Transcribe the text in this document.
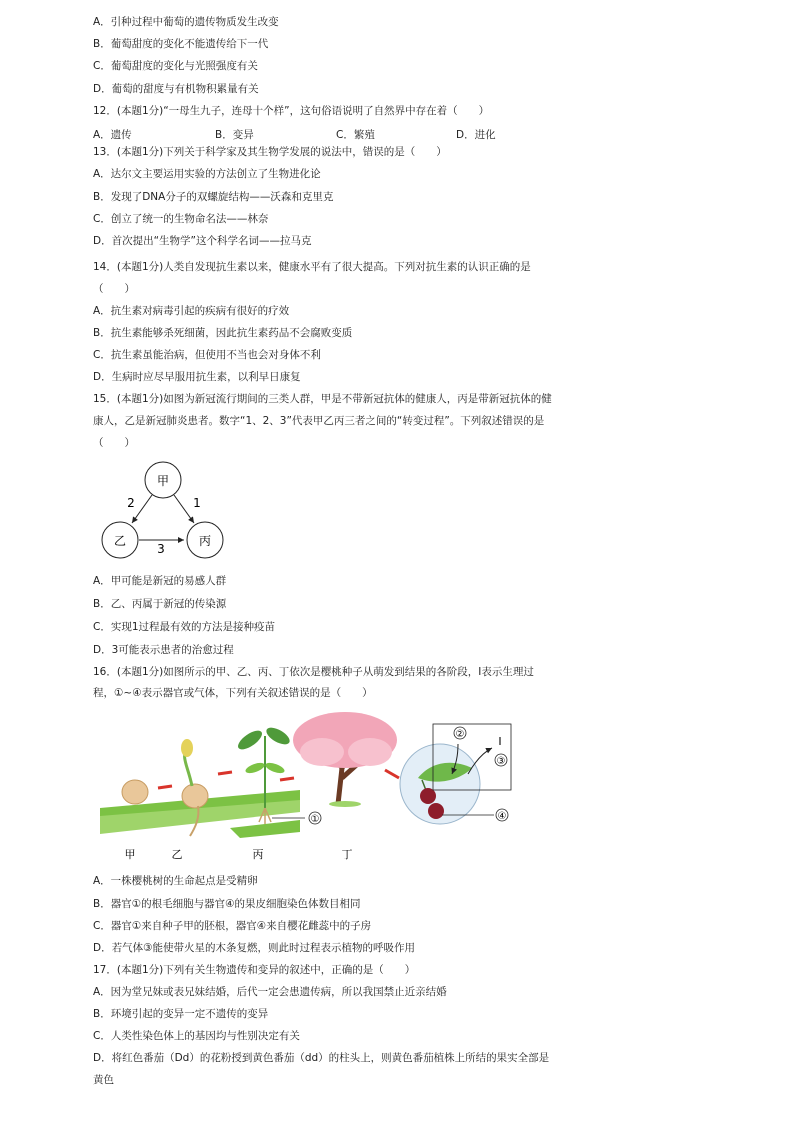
A．引种过程中葡萄的遗传物质发生改变
B．葡萄甜度的变化不能遗传给下一代
C．葡萄甜度的变化与光照强度有关
D．葡萄的甜度与有机物积累量有关
12．(本题1分)“一母生九子，连母十个样”，这句俗语说明了自然界中存在着（　　）
A．遗传	B．变异	C．繁殖	D．进化
13．(本题1分)下列关于科学家及其生物学发展的说法中，错误的是（　　）
A．达尔文主要运用实验的方法创立了生物进化论
B．发现了DNA分子的双螺旋结构——沃森和克里克
C．创立了统一的生物命名法——林奈
D．首次提出“生物学”这个科学名词——拉马克
14．(本题1分)人类自发现抗生素以来，健康水平有了很大提高。下列对抗生素的认识正确的是
（　　）
A．抗生素对病毒引起的疾病有很好的疗效
B．抗生素能够杀死细菌，因此抗生素药品不会腐败变质
C．抗生素虽能治病，但使用不当也会对身体不利
D．生病时应尽早服用抗生素，以利早日康复
15．(本题1分)如图为新冠流行期间的三类人群，甲是不带新冠抗体的健康人，丙是带新冠抗体的健
康人，乙是新冠肺炎患者。数字“1、2、3”代表甲乙丙三者之间的“转变过程”。下列叙述错误的是
（　　）
甲
乙	丙
2	1
3
A．甲可能是新冠的易感人群
B．乙、丙属于新冠的传染源
C．实现1过程最有效的方法是接种疫苗
D．3可能表示患者的治愈过程
16．(本题1分)如图所示的甲、乙、丙、丁依次是樱桃种子从萌发到结果的各阶段，Ⅰ表示生理过
程，①~④表示器官或气体，下列有关叙述错误的是（　　）
①
②
Ⅰ
③
④
甲	乙	丙	丁
A．一株樱桃树的生命起点是受精卵
B．器官①的根毛细胞与器官④的果皮细胞染色体数目相同
C．器官①来自种子甲的胚根，器官④来自樱花雌蕊中的子房
D．若气体③能使带火星的木条复燃，则此时过程表示植物的呼吸作用
17．(本题1分)下列有关生物遗传和变异的叙述中，正确的是（　　）
A．因为堂兄妹或表兄妹结婚，后代一定会患遗传病，所以我国禁止近亲结婚
B．环境引起的变异一定不遗传的变异
C．人类性染色体上的基因均与性别决定有关
D．将红色番茄（Dd）的花粉授到黄色番茄（dd）的柱头上，则黄色番茄植株上所结的果实全部是
黄色
